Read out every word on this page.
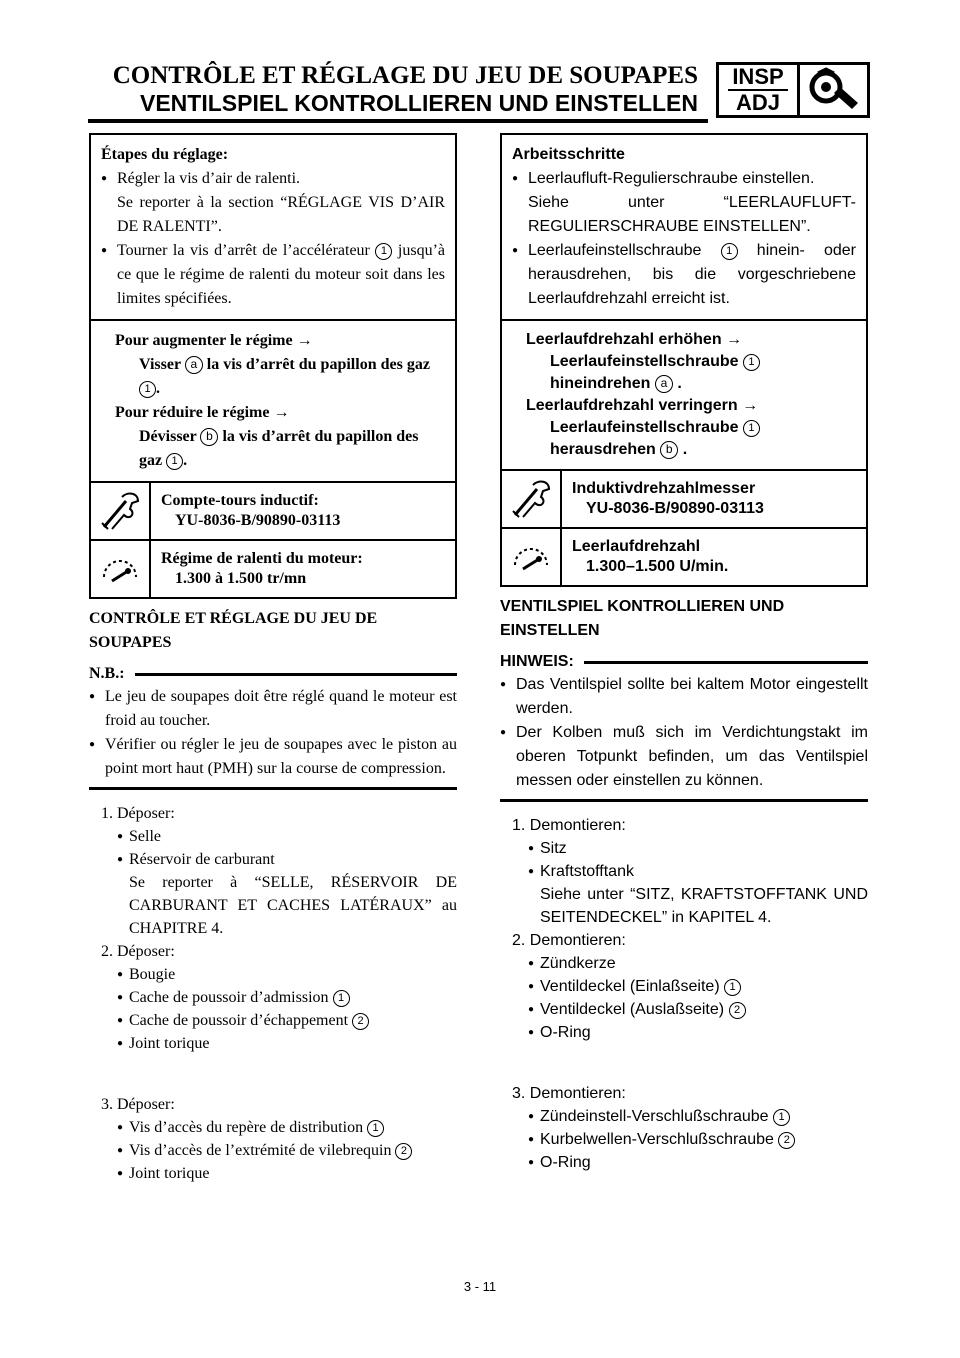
CONTRÔLE ET RÉGLAGE DU JEU DE SOUPAPES
VENTILSPIEL KONTROLLIEREN UND EINSTELLEN
INSP
ADJ

Étapes du réglage:

● Régler la vis d’air de ralenti.

Se reporter à la section “RÉGLAGE VIS D’AIR DE RALENTI”.

● Tourner la vis d’arrêt de l’accélérateur 1 jusqu’à ce que le régime de ralenti du moteur soit dans les limites spécifiées.

Pour augmenter le régime →

Visser a la vis d’arrêt du papillon des gaz 1 .

Pour réduire le régime →

Dévisser b la vis d’arrêt du papillon des gaz 1 .

Compte-tours inductif:
YU-8036-B/90890-03113
Régime de ralenti du moteur:
1.300 à 1.500 tr/mn
CONTRÔLE ET RÉGLAGE DU JEU DE SOUPAPES
N.B.:

● Le jeu de soupapes doit être réglé quand le moteur est froid au toucher.

● Vérifier ou régler le jeu de soupapes avec le piston au point mort haut (PMH) sur la course de compression.

1. Déposer:

● Selle

● Réservoir de carburant

Se reporter à “SELLE, RÉSERVOIR DE CARBURANT ET CACHES LATÉRAUX” au CHAPITRE 4.

2. Déposer:

● Bougie

● Cache de poussoir d’admission 1

● Cache de poussoir d’échappement 2

● Joint torique

3. Déposer:

● Vis d’accès du repère de distribution 1

● Vis d’accès de l’extrémité de vilebrequin 2

● Joint torique

Arbeitsschritte

● Leerlaufluft-Regulierschraube einstellen.

Siehe unter “LEERLAUFLUFT-REGULIERSCHRAUBE EINSTELLEN”.

● Leerlaufeinstellschraube 1 hinein- oder herausdrehen, bis die vorgeschriebene Leerlaufdrehzahl erreicht ist.

Leerlaufdrehzahl erhöhen →

Leerlaufeinstellschraube 1 hineindrehen a .

Leerlaufdrehzahl verringern →

Leerlaufeinstellschraube 1 herausdrehen b .

Induktivdrehzahlmesser
YU-8036-B/90890-03113
Leerlaufdrehzahl
1.300–1.500 U/min.
VENTILSPIEL KONTROLLIEREN UND EINSTELLEN
HINWEIS:

● Das Ventilspiel sollte bei kaltem Motor eingestellt werden.

● Der Kolben muß sich im Verdichtungstakt im oberen Totpunkt befinden, um das Ventilspiel messen oder einstellen zu können.

1. Demontieren:

● Sitz

● Kraftstofftank

Siehe unter “SITZ, KRAFTSTOFFTANK UND SEITENDECKEL” in KAPITEL 4.

2. Demontieren:

● Zündkerze

● Ventildeckel (Einlaßseite) 1

● Ventildeckel (Auslaßseite) 2

● O-Ring

3. Demontieren:

● Zündeinstell-Verschlußschraube 1

● Kurbelwellen-Verschlußschraube 2

● O-Ring

3 - 11
